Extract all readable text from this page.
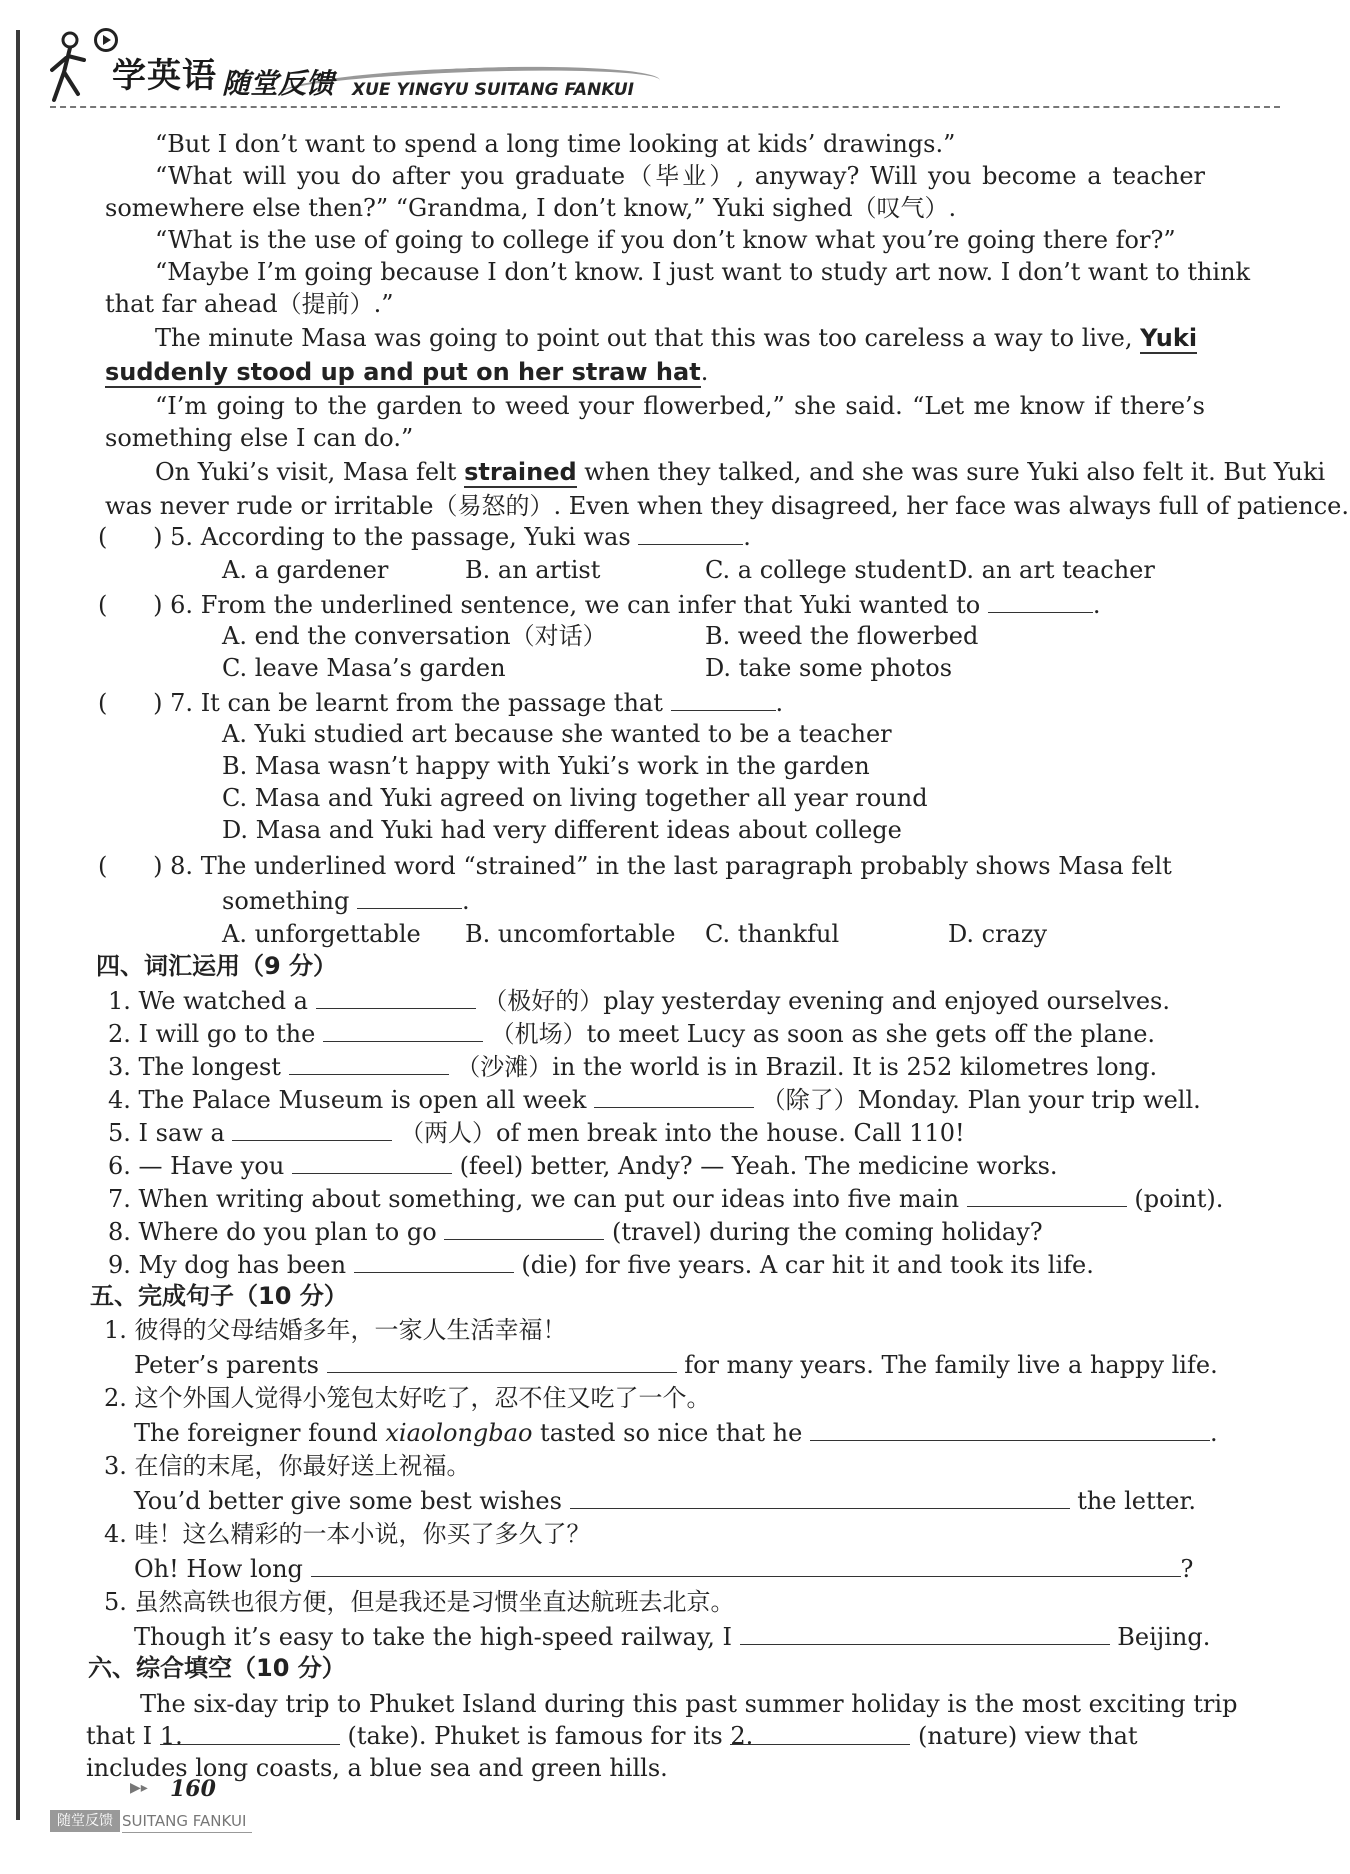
学英语 随堂反馈 XUE YINGYU SUITANG FANKUI
“But I don’t want to spend a long time looking at kids’ drawings.”
“What will you do after you graduate（毕业）, anyway? Will you become a teacher
somewhere else then?” “Grandma, I don’t know,” Yuki sighed（叹气）.
“What is the use of going to college if you don’t know what you’re going there for?”
“Maybe I’m going because I don’t know. I just want to study art now. I don’t want to think
that far ahead（提前）.”
The minute Masa was going to point out that this was too careless a way to live, Yuki
suddenly stood up and put on her straw hat.
“I’m going to the garden to weed your flowerbed,” she said. “Let me know if there’s
something else I can do.”
On Yuki’s visit, Masa felt strained when they talked, and she was sure Yuki also felt it. But Yuki
was never rude or irritable（易怒的）. Even when they disagreed, her face was always full of patience.
(      ) 5. According to the passage, Yuki was	.
A. a gardener	B. an artist	C. a college student D. an art teacher
(      ) 6. From the underlined sentence, we can infer that Yuki wanted to	.
A. end the conversation（对话）	B. weed the flowerbed
C. leave Masa’s garden	D. take some photos
(      ) 7. It can be learnt from the passage that	.
A. Yuki studied art because she wanted to be a teacher
B. Masa wasn’t happy with Yuki’s work in the garden
C. Masa and Yuki agreed on living together all year round
D. Masa and Yuki had very different ideas about college
(      ) 8. The underlined word “strained” in the last paragraph probably shows Masa felt
something	.
A. unforgettable B. uncomfortable C. thankful	D. crazy
四、词汇运用（9 分）
1. We watched a	（极好的）play yesterday evening and enjoyed ourselves.
2. I will go to the	（机场）to meet Lucy as soon as she gets off the plane.
3. The longest	（沙滩）in the world is in Brazil. It is 252 kilometres long.
4. The Palace Museum is open all week	（除了）Monday. Plan your trip well.
5. I saw a	（两人）of men break into the house. Call 110!
6. — Have you	(feel) better, Andy? — Yeah. The medicine works.
7. When writing about something, we can put our ideas into five main	(point).
8. Where do you plan to go	(travel) during the coming holiday?
9. My dog has been	(die) for five years. A car hit it and took its life.
五、完成句子（10 分）
1. 彼得的父母结婚多年，一家人生活幸福！
Peter’s parents	for many years. The family live a happy life.
2. 这个外国人觉得小笼包太好吃了，忍不住又吃了一个。
The foreigner found xiaolongbao tasted so nice that he	.
3. 在信的末尾，你最好送上祝福。
You’d better give some best wishes	the letter.
4. 哇！这么精彩的一本小说，你买了多久了？
Oh! How long	?
5. 虽然高铁也很方便，但是我还是习惯坐直达航班去北京。
Though it’s easy to take the high-speed railway, I	Beijing.
六、综合填空（10 分）
The six-day trip to Phuket Island during this past summer holiday is the most exciting trip
that I 1.	(take). Phuket is famous for its 2.	(nature) view that
includes long coasts, a blue sea and green hills.
▶▸ 160
随堂反馈 SUITANG FANKUI
